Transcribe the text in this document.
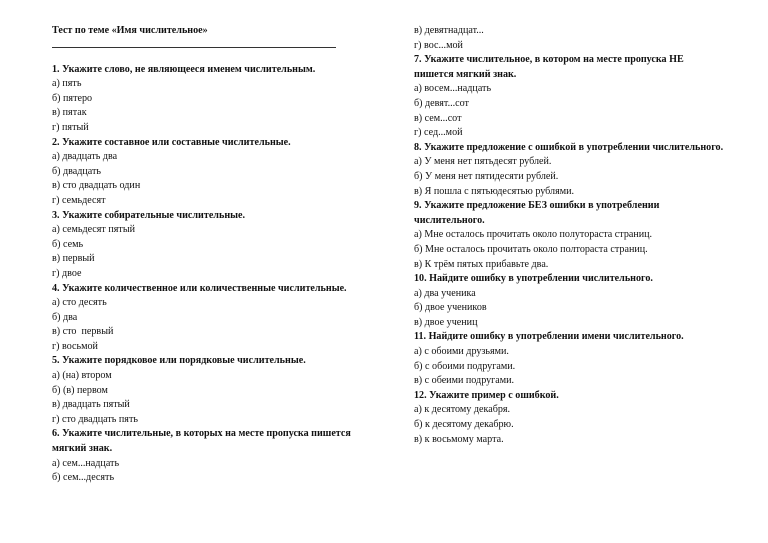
Тест по теме «Имя числительное»
1. Укажите слово, не являющееся именем числительным.
а) пять
б) пятеро
в) пятак
г) пятый
2. Укажите составное или составные числительные.
а) двадцать два
б) двадцать
в) сто двадцать один
г) семьдесят
3. Укажите собирательные числительные.
а) семьдесят пятый
б) семь
в) первый
г) двое
4. Укажите количественное или количественные числительные.
а) сто десять
б) два
в) сто  первый
г) восьмой
5. Укажите порядковое или порядковые числительные.
а) (на) втором
б) (в) первом
в) двадцать пятый
г) сто двадцать пять
6. Укажите числительные, в которых на месте пропуска пишется мягкий знак.
а) сем...надцать
б) сем...десять
в) девятнадцат...
г) вос...мой
7. Укажите числительное, в котором на месте пропуска НЕ пишется мягкий знак.
а) восем...надцать
б) девят...сот
в) сем...сот
г) сед...мой
8. Укажите предложение с ошибкой в употреблении числительного.
а) У меня нет пятьдесят рублей.
б) У меня нет пятидесяти рублей.
в) Я пошла с пятьюдесятью рублями.
9. Укажите предложение БЕЗ ошибки в употреблении числительного.
а) Мне осталось прочитать около полутораста страниц.
б) Мне осталось прочитать около полтораста страниц.
в) К трём пятых прибавьте два.
10. Найдите ошибку в употреблении числительного.
а) два ученика
б) двое учеников
в) двое учениц
11. Найдите ошибку в употреблении имени числительного.
а) с обоими друзьями.
б) с обоими подругами.
в) с обеими подругами.
12. Укажите пример с ошибкой.
а) к десятому декабря.
б) к десятому декабрю.
в) к восьмому марта.
